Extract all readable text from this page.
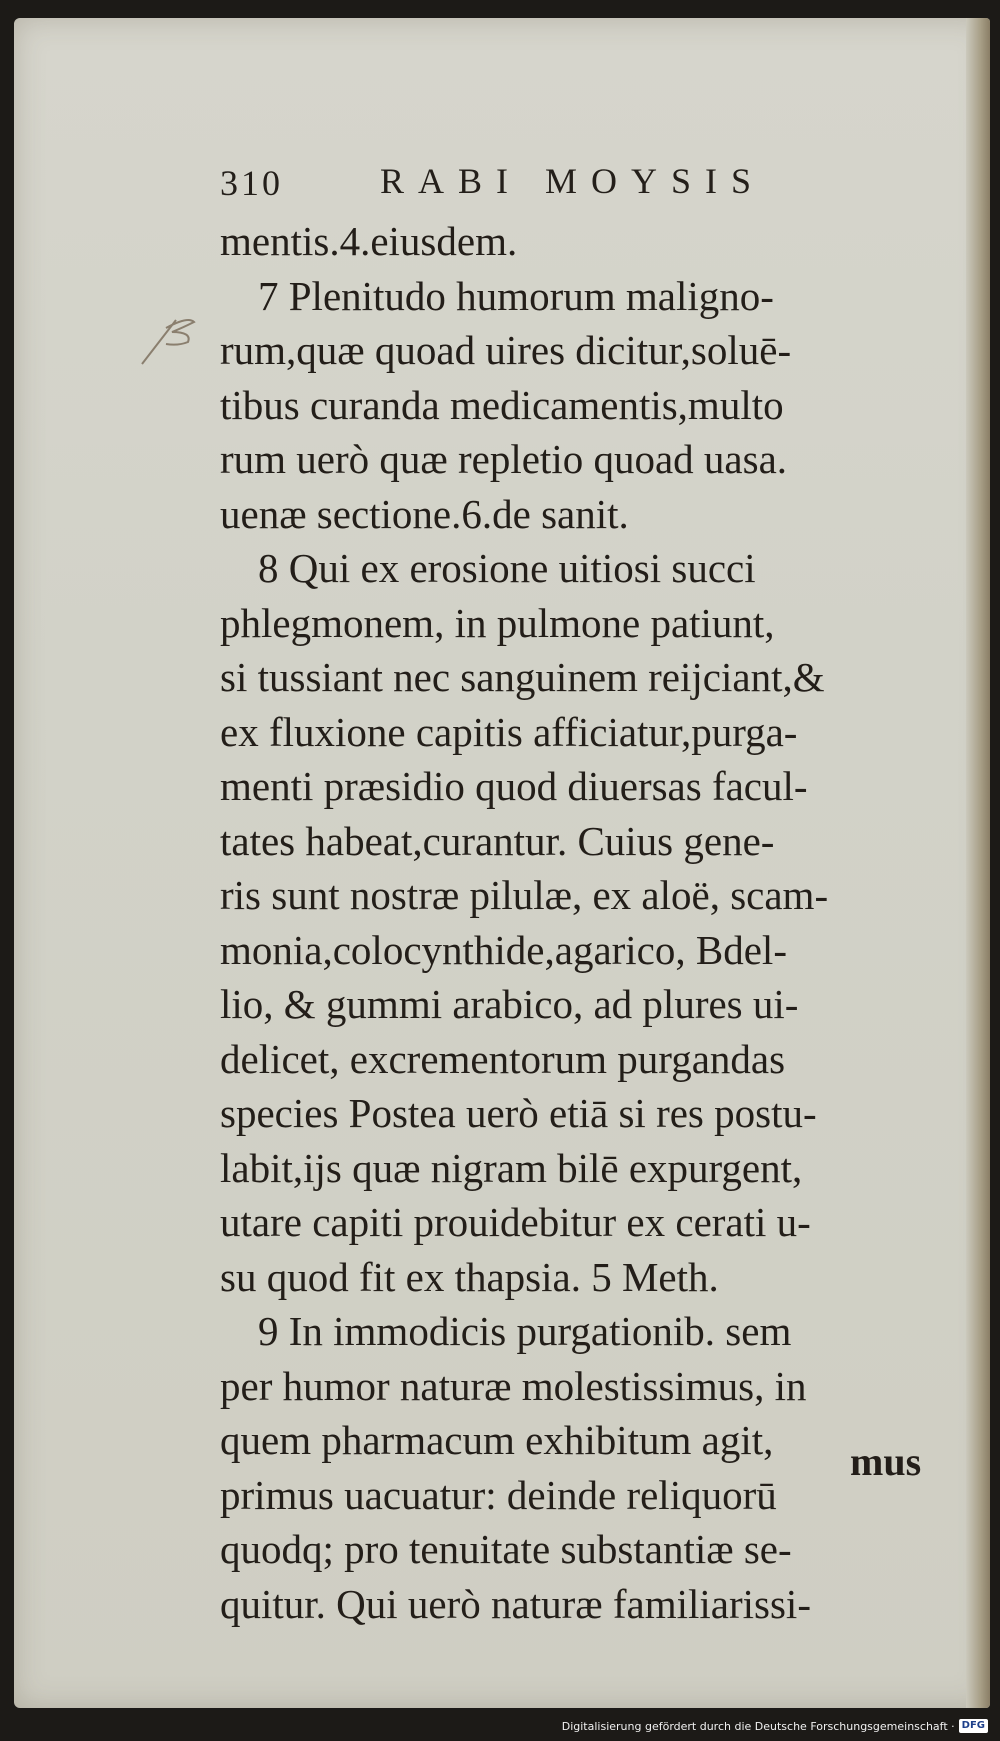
310	RABI MOYSIS
mentis.4.eiusdem.
7 Plenitudo humorum maligno-
rum,quæ quoad uires dicitur,soluē-
tibus curanda medicamentis,multo
rum uerò quæ repletio quoad uasa.
uenæ sectione.6.de sanit.
8 Qui ex erosione uitiosi succi
phlegmonem, in pulmone patiunt,
si tussiant nec sanguinem reijciant,&
ex fluxione capitis afficiatur,purga-
menti præsidio quod diuersas facul-
tates habeat,curantur. Cuius gene-
ris sunt nostræ pilulæ, ex aloë, scam-
monia,colocynthide,agarico, Bdel-
lio, & gummi arabico, ad plures ui-
delicet, excrementorum purgandas
species Postea uerò etiā si res postu-
labit,ijs quæ nigram bilē expurgent,
utare capiti prouidebitur ex cerati u-
su quod fit ex thapsia. 5 Meth.
9 In immodicis purgationib. sem
per humor naturæ molestissimus, in
quem pharmacum exhibitum agit,
primus uacuatur: deinde reliquorū
quodq; pro tenuitate substantiæ se-
quitur. Qui uerò naturæ familiarissi-
mus
Digitalisierung gefördert durch die Deutsche Forschungsgemeinschaft · DFG
